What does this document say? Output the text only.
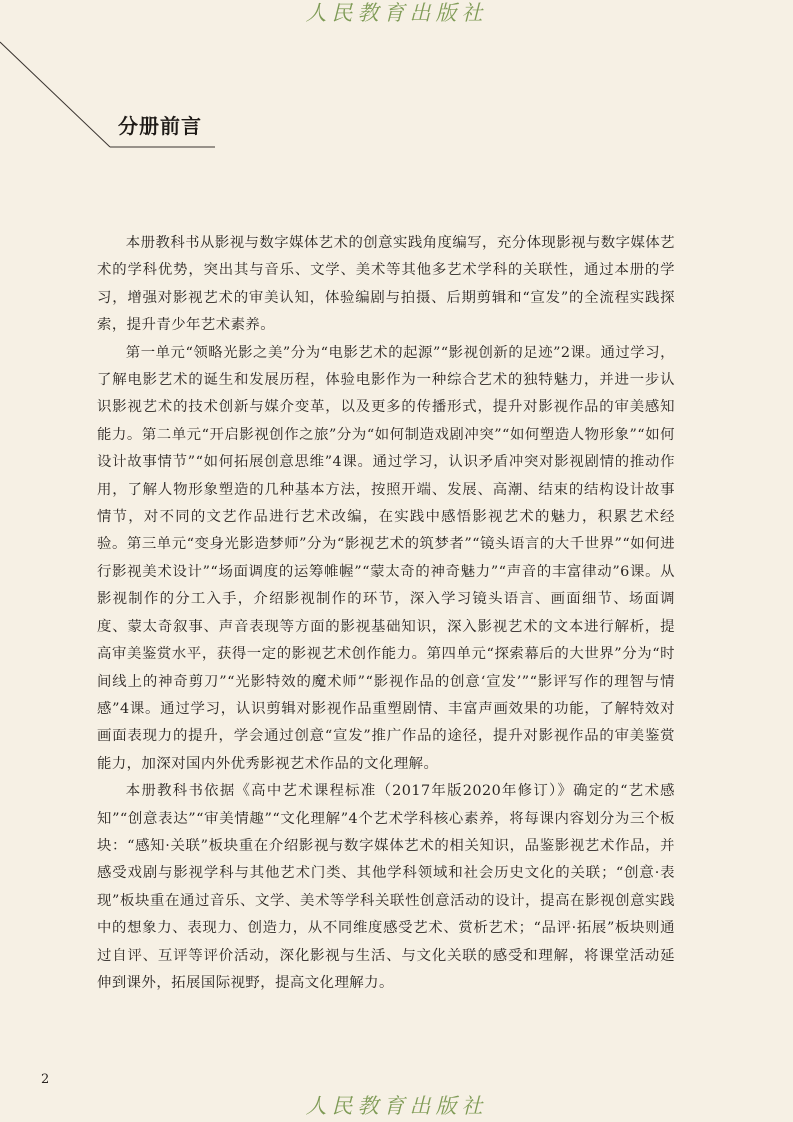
人民教育出版社
分册前言

本册教科书从影视与数字媒体艺术的创意实践角度编写，充分体现影视与数字媒体艺术的学科优势，突出其与音乐、文学、美术等其他多艺术学科的关联性，通过本册的学习，增强对影视艺术的审美认知，体验编剧与拍摄、后期剪辑和“宣发”的全流程实践探索，提升青少年艺术素养。

第一单元“领略光影之美”分为“电影艺术的起源”“影视创新的足迹”2课。通过学习，了解电影艺术的诞生和发展历程，体验电影作为一种综合艺术的独特魅力，并进一步认识影视艺术的技术创新与媒介变革，以及更多的传播形式，提升对影视作品的审美感知能力。第二单元“开启影视创作之旅”分为“如何制造戏剧冲突”“如何塑造人物形象”“如何设计故事情节”“如何拓展创意思维”4课。通过学习，认识矛盾冲突对影视剧情的推动作用，了解人物形象塑造的几种基本方法，按照开端、发展、高潮、结束的结构设计故事情节，对不同的文艺作品进行艺术改编，在实践中感悟影视艺术的魅力，积累艺术经验。第三单元“变身光影造梦师”分为“影视艺术的筑梦者”“镜头语言的大千世界”“如何进行影视美术设计”“场面调度的运筹帷幄”“蒙太奇的神奇魅力”“声音的丰富律动”6课。从影视制作的分工入手，介绍影视制作的环节，深入学习镜头语言、画面细节、场面调度、蒙太奇叙事、声音表现等方面的影视基础知识，深入影视艺术的文本进行解析，提高审美鉴赏水平，获得一定的影视艺术创作能力。第四单元“探索幕后的大世界”分为“时间线上的神奇剪刀”“光影特效的魔术师”“影视作品的创意‘宣发’”“影评写作的理智与情感”4课。通过学习，认识剪辑对影视作品重塑剧情、丰富声画效果的功能，了解特效对画面表现力的提升，学会通过创意“宣发”推广作品的途径，提升对影视作品的审美鉴赏能力，加深对国内外优秀影视艺术作品的文化理解。

本册教科书依据《高中艺术课程标准（2017年版2020年修订）》确定的“艺术感知”“创意表达”“审美情趣”“文化理解”4个艺术学科核心素养，将每课内容划分为三个板块：“感知·关联”板块重在介绍影视与数字媒体艺术的相关知识，品鉴影视艺术作品，并感受戏剧与影视学科与其他艺术门类、其他学科领域和社会历史文化的关联；“创意·表现”板块重在通过音乐、文学、美术等学科关联性创意活动的设计，提高在影视创意实践中的想象力、表现力、创造力，从不同维度感受艺术、赏析艺术；“品评·拓展”板块则通过自评、互评等评价活动，深化影视与生活、与文化关联的感受和理解，将课堂活动延伸到课外，拓展国际视野，提高文化理解力。

2
人民教育出版社
